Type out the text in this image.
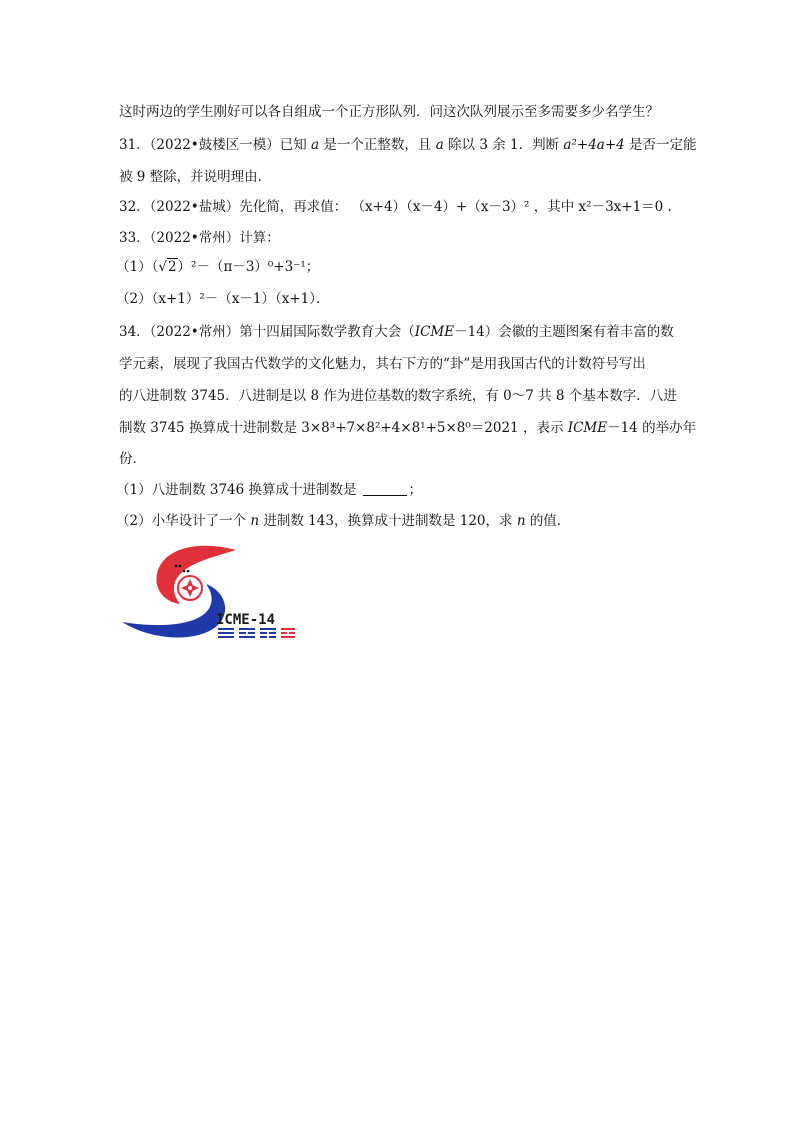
这时两边的学生刚好可以各自组成一个正方形队列．问这次队列展示至多需要多少名学生？
31．（2022•鼓楼区一模）已知 a 是一个正整数，且 a 除以 3 余 1．判断 a²+4a+4 是否一定能
被 9 整除，并说明理由．
32．（2022•盐城）先化简，再求值： （x+4）（x－4）+（x－3）² ，其中 x²－3x+1＝0 ．
33．（2022•常州）计算：
（1）（√2）²－（π－3）⁰+3⁻¹；
（2）（x+1）²－（x－1）（x+1）．
34．（2022•常州）第十四届国际数学教育大会（ICME－14）会徽的主题图案有着丰富的数
学元素，展现了我国古代数学的文化魅力，其右下方的“卦”是用我国古代的计数符号写出
的八进制数 3745．八进制是以 8 作为进位基数的数字系统，有 0～7 共 8 个基本数字．八进
制数 3745 换算成十进制数是 3×8³+7×8²+4×8¹+5×8⁰＝2021 ，表示 ICME－14 的举办年
份．
（1）八进制数 3746 换算成十进制数是	；
（2）小华设计了一个 n 进制数 143，换算成十进制数是 120，求 n 的值．
ICME-14
